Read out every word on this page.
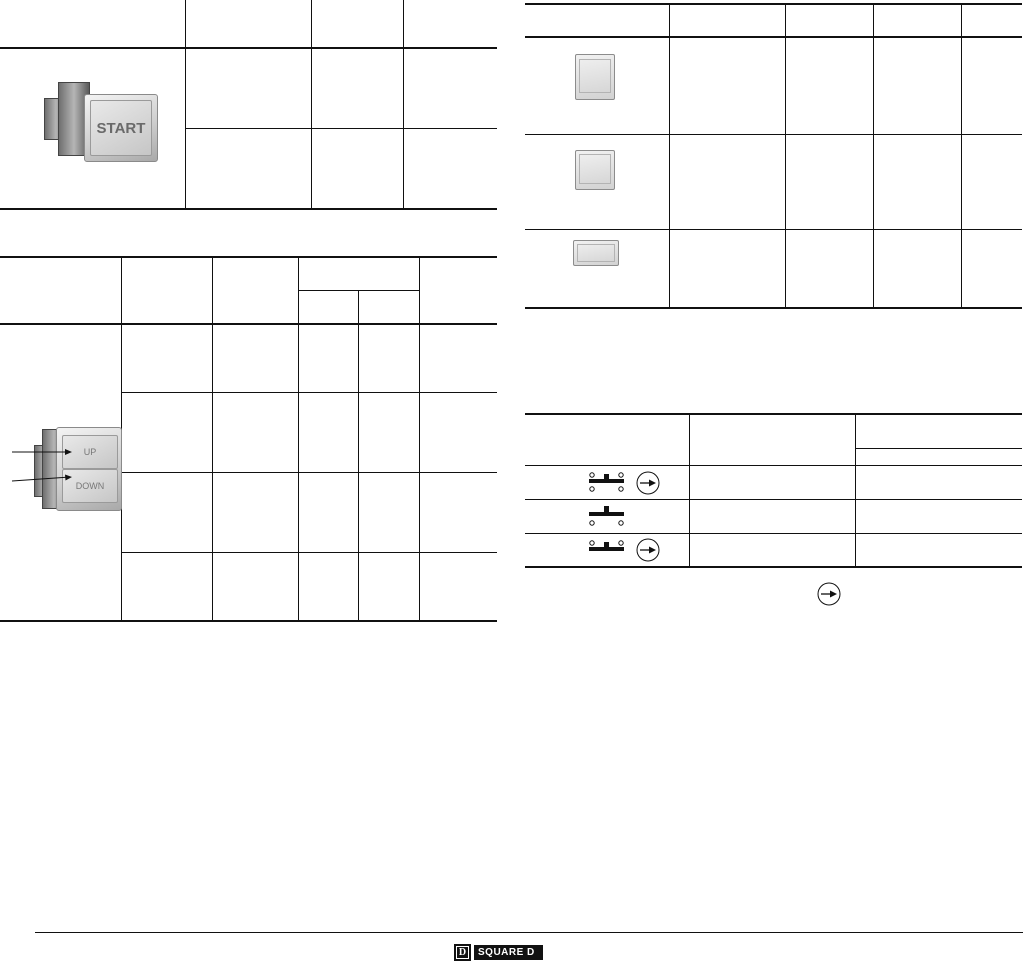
START
UP
DOWN
D	SQUARE D
